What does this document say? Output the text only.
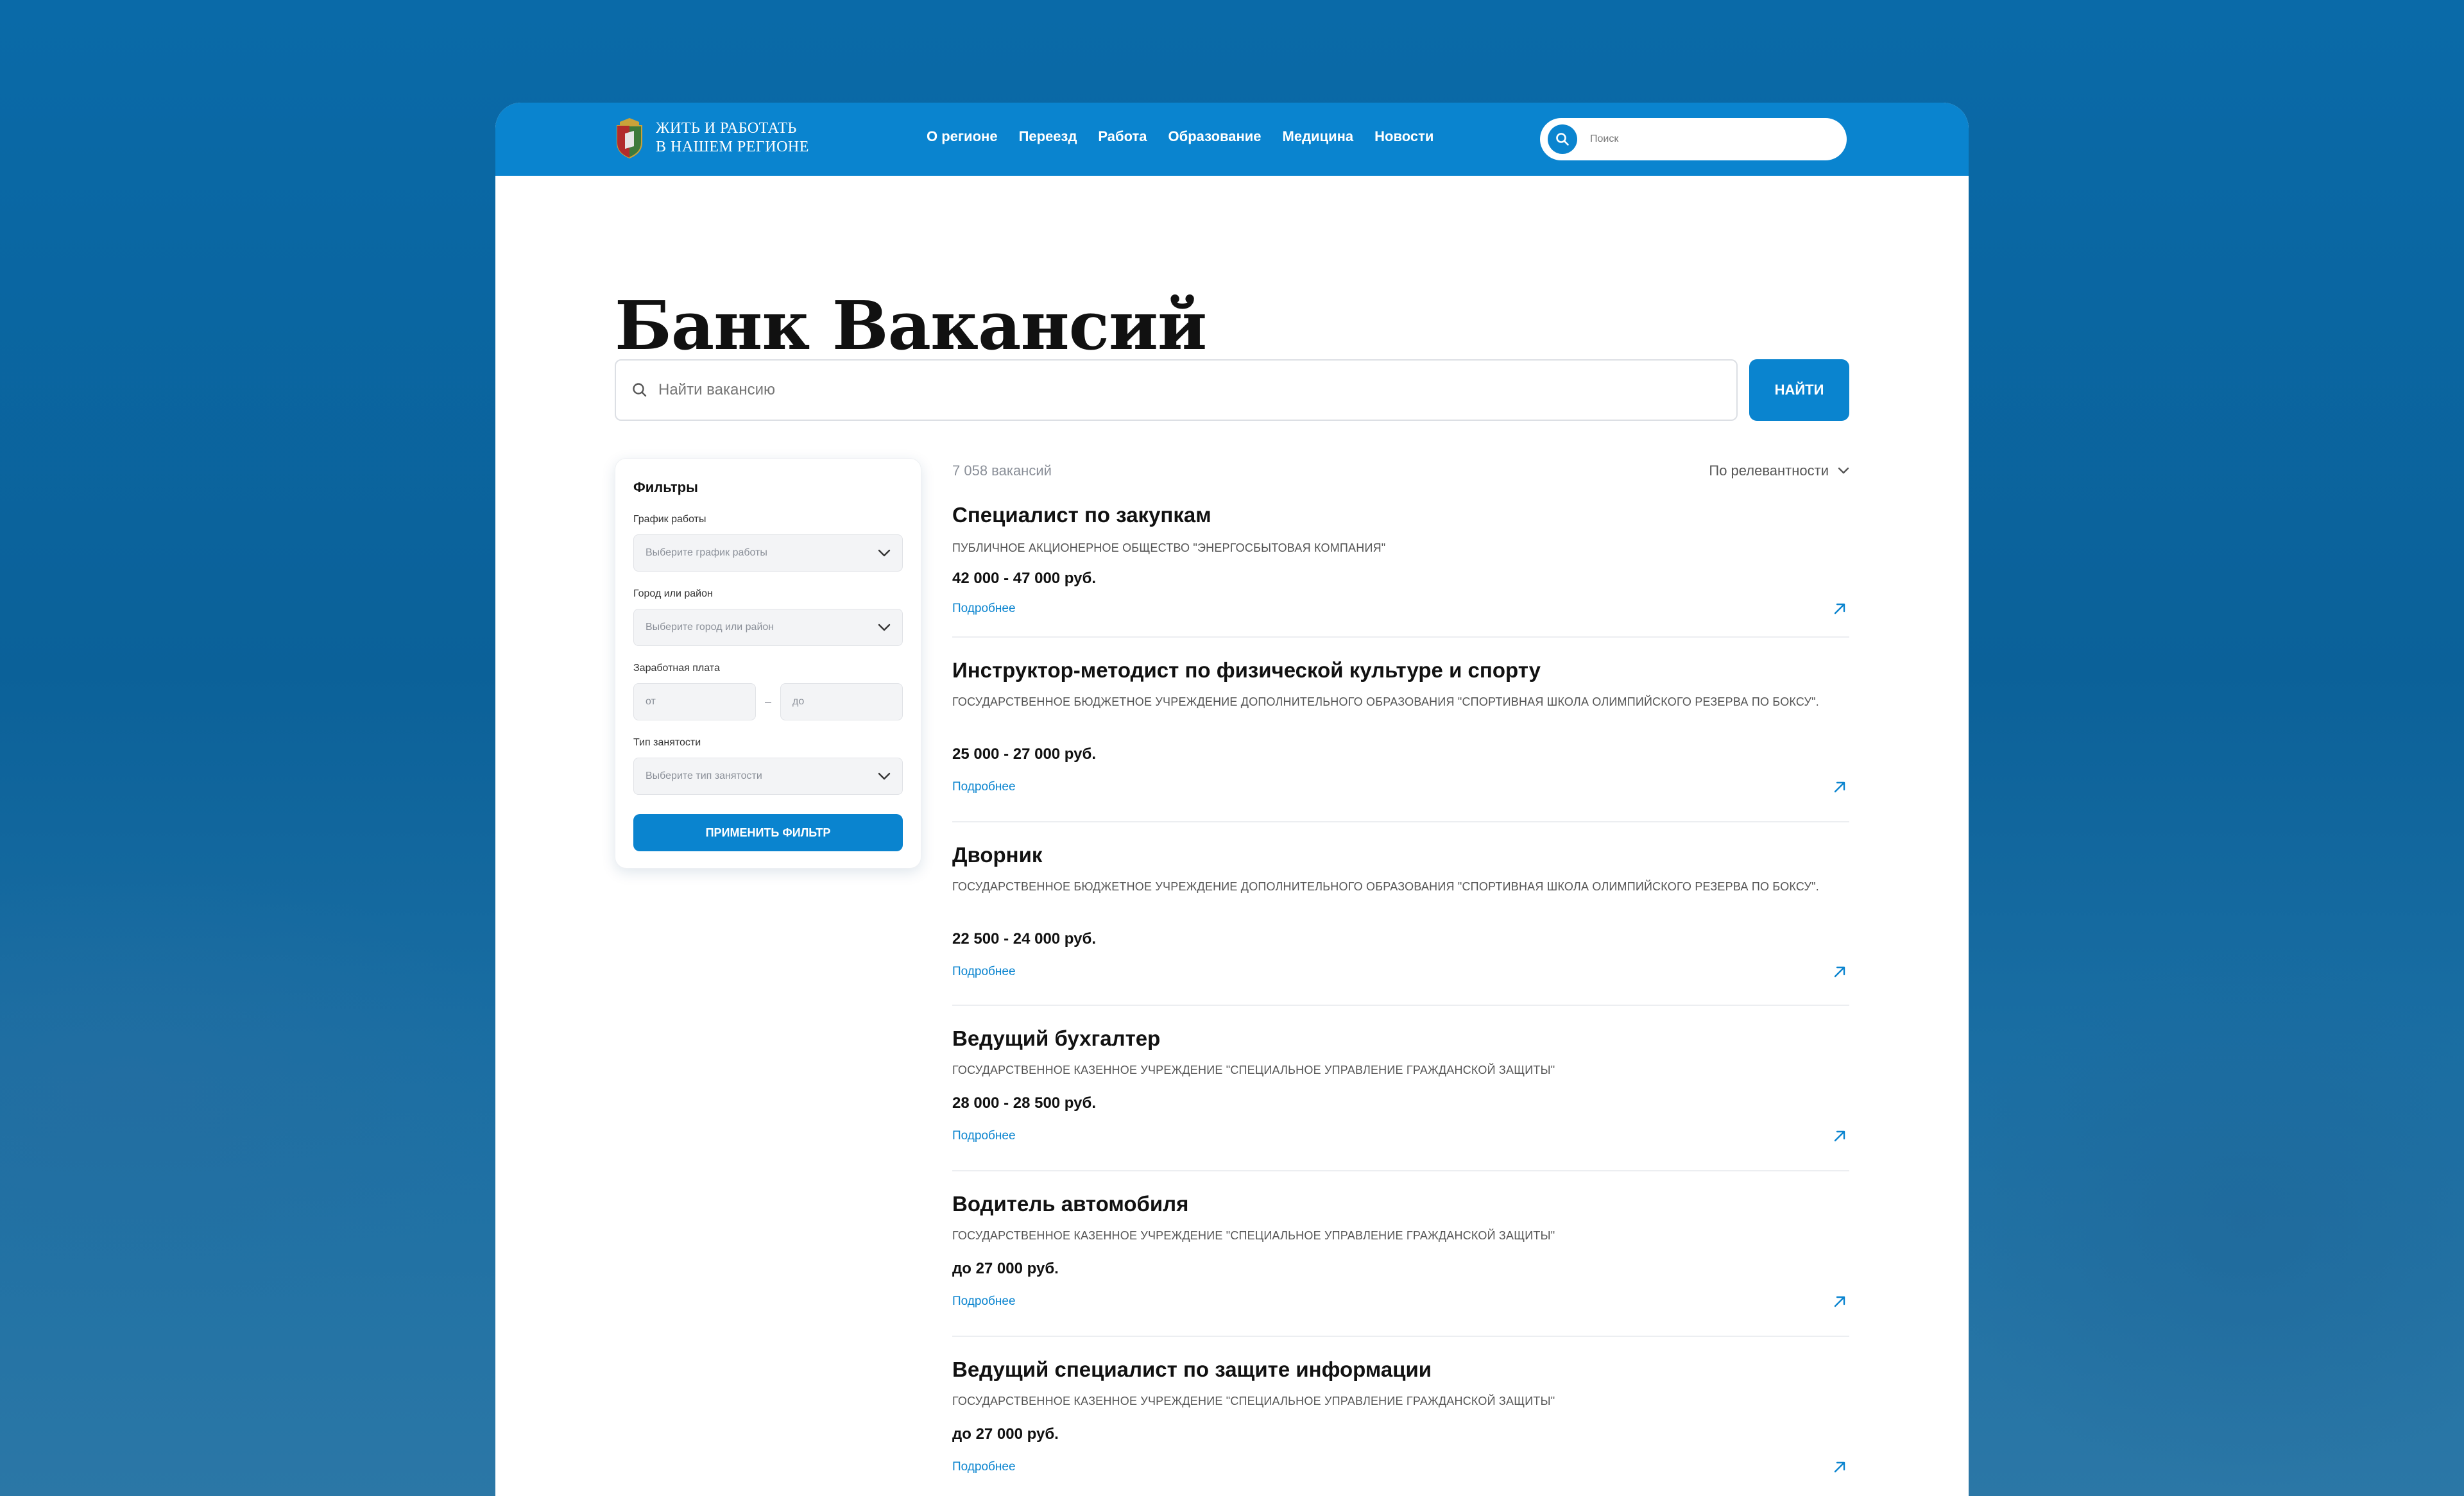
ЖИТЬ И РАБОТАТЬ
В НАШЕМ РЕГИОНЕ
О регионе Переезд Работа Образование Медицина Новости
Поиск
Банк Вакансий
Найти вакансию
НАЙТИ
Фильтры
График работы
Выберите график работы
Город или район
Выберите город или район
Заработная плата
от	–	до
Тип занятости
Выберите тип занятости
ПРИМЕНИТЬ ФИЛЬТР
7 058 вакансий	По релевантности
Специалист по закупкам
ПУБЛИЧНОЕ АКЦИОНЕРНОЕ ОБЩЕСТВО "ЭНЕРГОСБЫТОВАЯ КОМПАНИЯ"
42 000 - 47 000 руб.
Подробнее
Инструктор-методист по физической культуре и спорту
ГОСУДАРСТВЕННОЕ БЮДЖЕТНОЕ УЧРЕЖДЕНИЕ ДОПОЛНИТЕЛЬНОГО ОБРАЗОВАНИЯ "СПОРТИВНАЯ ШКОЛА ОЛИМПИЙСКОГО РЕЗЕРВА ПО БОКСУ".
25 000 - 27 000 руб.
Подробнее
Дворник
ГОСУДАРСТВЕННОЕ БЮДЖЕТНОЕ УЧРЕЖДЕНИЕ ДОПОЛНИТЕЛЬНОГО ОБРАЗОВАНИЯ "СПОРТИВНАЯ ШКОЛА ОЛИМПИЙСКОГО РЕЗЕРВА ПО БОКСУ".
22 500 - 24 000 руб.
Подробнее
Ведущий бухгалтер
ГОСУДАРСТВЕННОЕ КАЗЕННОЕ УЧРЕЖДЕНИЕ "СПЕЦИАЛЬНОЕ УПРАВЛЕНИЕ ГРАЖДАНСКОЙ ЗАЩИТЫ"
28 000 - 28 500 руб.
Подробнее
Водитель автомобиля
ГОСУДАРСТВЕННОЕ КАЗЕННОЕ УЧРЕЖДЕНИЕ "СПЕЦИАЛЬНОЕ УПРАВЛЕНИЕ ГРАЖДАНСКОЙ ЗАЩИТЫ"
до 27 000 руб.
Подробнее
Ведущий специалист по защите информации
ГОСУДАРСТВЕННОЕ КАЗЕННОЕ УЧРЕЖДЕНИЕ "СПЕЦИАЛЬНОЕ УПРАВЛЕНИЕ ГРАЖДАНСКОЙ ЗАЩИТЫ"
до 27 000 руб.
Подробнее
